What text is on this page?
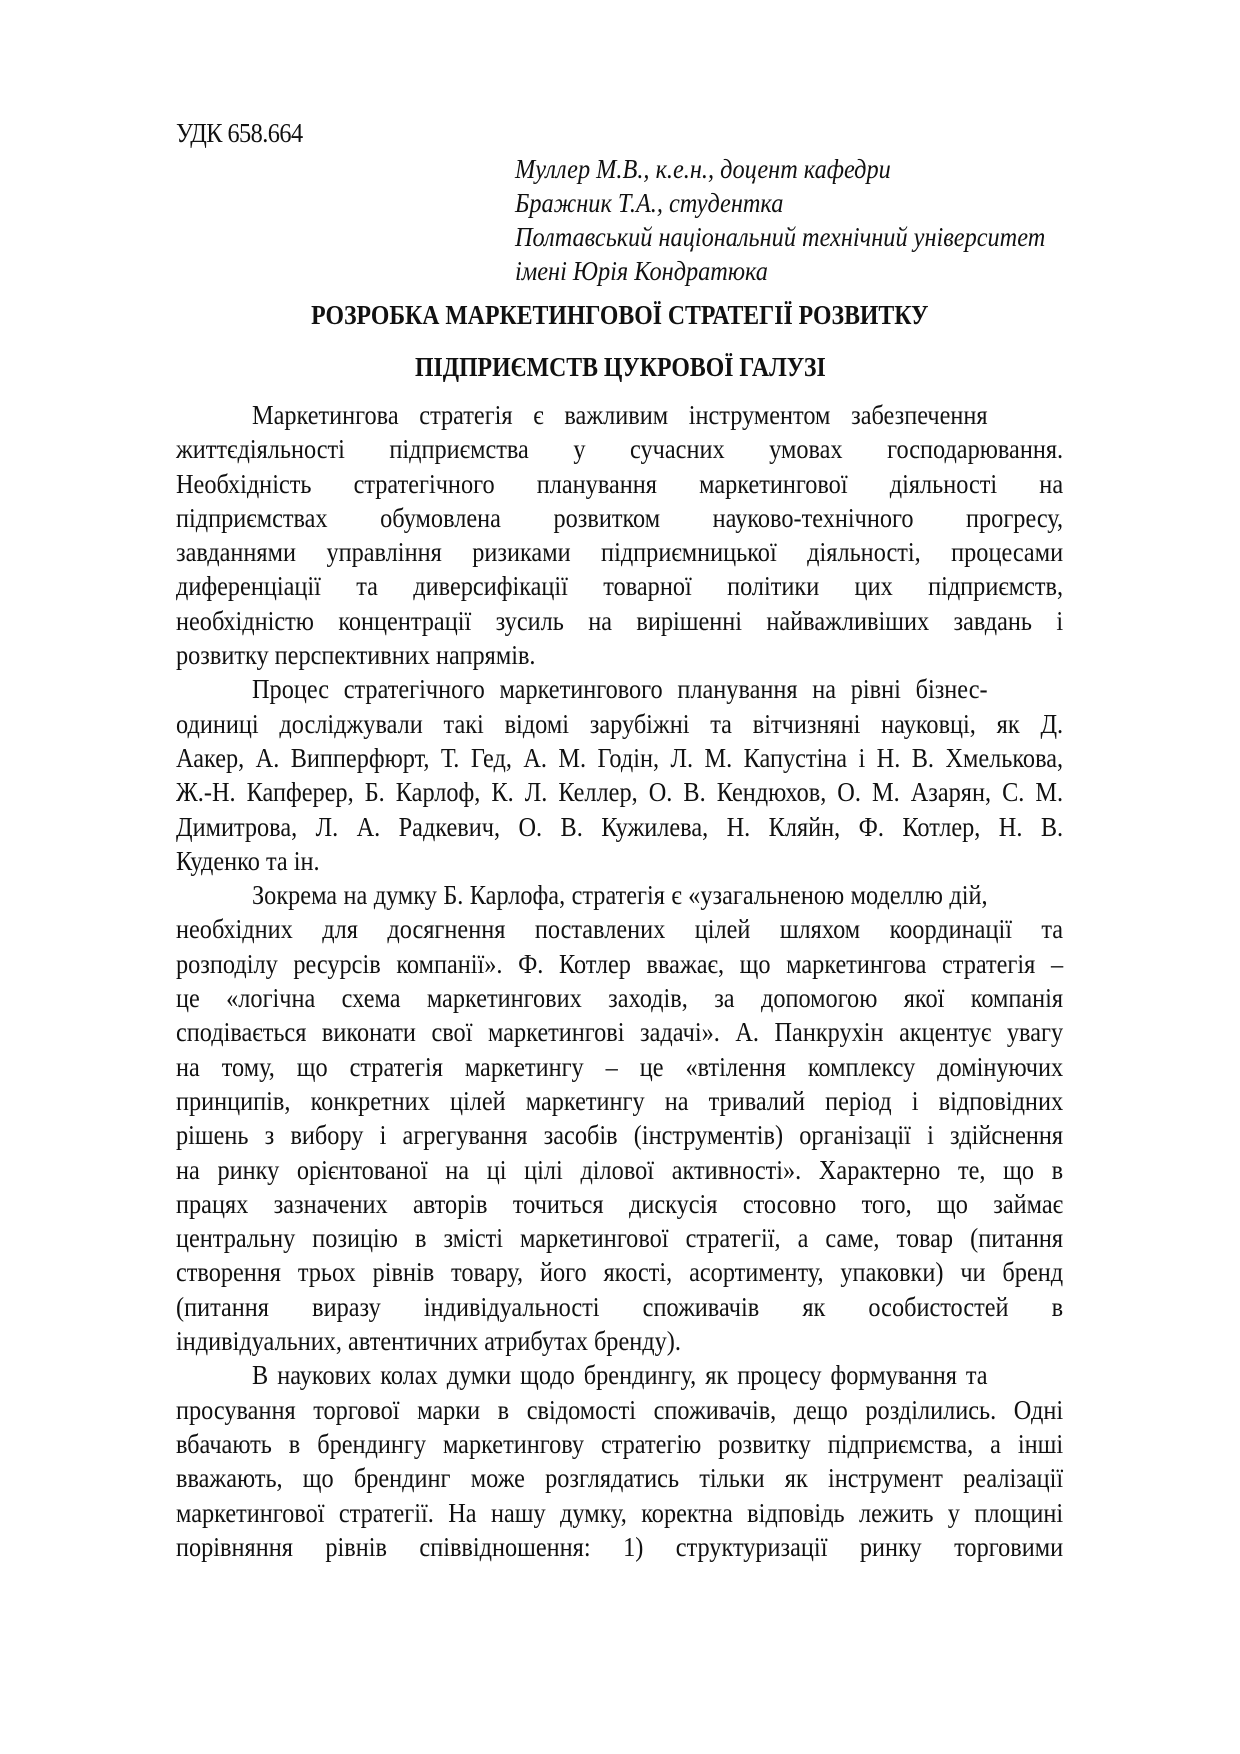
УДК 658.664
Муллер М.В., к.е.н., доцент кафедри
Бражник Т.А., студентка
Полтавський національний технічний університет
імені Юрія Кондратюка
РОЗРОБКА МАРКЕТИНГОВОЇ СТРАТЕГІЇ РОЗВИТКУ
ПІДПРИЄМСТВ ЦУКРОВОЇ ГАЛУЗІ
Маркетингова стратегія є важливим інструментом забезпечення
життєдіяльності підприємства у сучасних умовах господарювання.
Необхідність стратегічного планування маркетингової діяльності на
підприємствах обумовлена розвитком науково-технічного прогресу,
завданнями управління ризиками підприємницької діяльності, процесами
диференціації та диверсифікації товарної політики цих підприємств,
необхідністю концентрації зусиль на вирішенні найважливіших завдань і
розвитку перспективних напрямів.
Процес стратегічного маркетингового планування на рівні бізнес-
одиниці досліджували такі відомі зарубіжні та вітчизняні науковці, як Д.
Аакер, А. Випперфюрт, Т. Гед, А. М. Годін, Л. М. Капустіна і Н. В. Хмелькова,
Ж.-Н. Капферер, Б. Карлоф, К. Л. Келлер, О. В. Кендюхов, О. М. Азарян, С. М.
Димитрова, Л. А. Радкевич, О. В. Кужилева, Н. Кляйн, Ф. Котлер, Н. В.
Куденко та ін.
Зокрема на думку Б. Карлофа, стратегія є «узагальненою моделлю дій,
необхідних для досягнення поставлених цілей шляхом координації та
розподілу ресурсів компанії». Ф. Котлер вважає, що маркетингова стратегія –
це «логічна схема маркетингових заходів, за допомогою якої компанія
сподівається виконати свої маркетингові задачі». А. Панкрухін акцентує увагу
на тому, що стратегія маркетингу – це «втілення комплексу домінуючих
принципів, конкретних цілей маркетингу на тривалий період і відповідних
рішень з вибору і агрегування засобів (інструментів) організації і здійснення
на ринку орієнтованої на ці цілі ділової активності». Характерно те, що в
працях зазначених авторів точиться дискусія стосовно того, що займає
центральну позицію в змісті маркетингової стратегії, а саме, товар (питання
створення трьох рівнів товару, його якості, асортименту, упаковки) чи бренд
(питання виразу індивідуальності споживачів як особистостей в
індивідуальних, автентичних атрибутах бренду).
В наукових колах думки щодо брендингу, як процесу формування та
просування торгової марки в свідомості споживачів, дещо розділились. Одні
вбачають в брендингу маркетингову стратегію розвитку підприємства, а інші
вважають, що брендинг може розглядатись тільки як інструмент реалізації
маркетингової стратегії. На нашу думку, коректна відповідь лежить у площині
порівняння рівнів співвідношення: 1) структуризації ринку торговими
